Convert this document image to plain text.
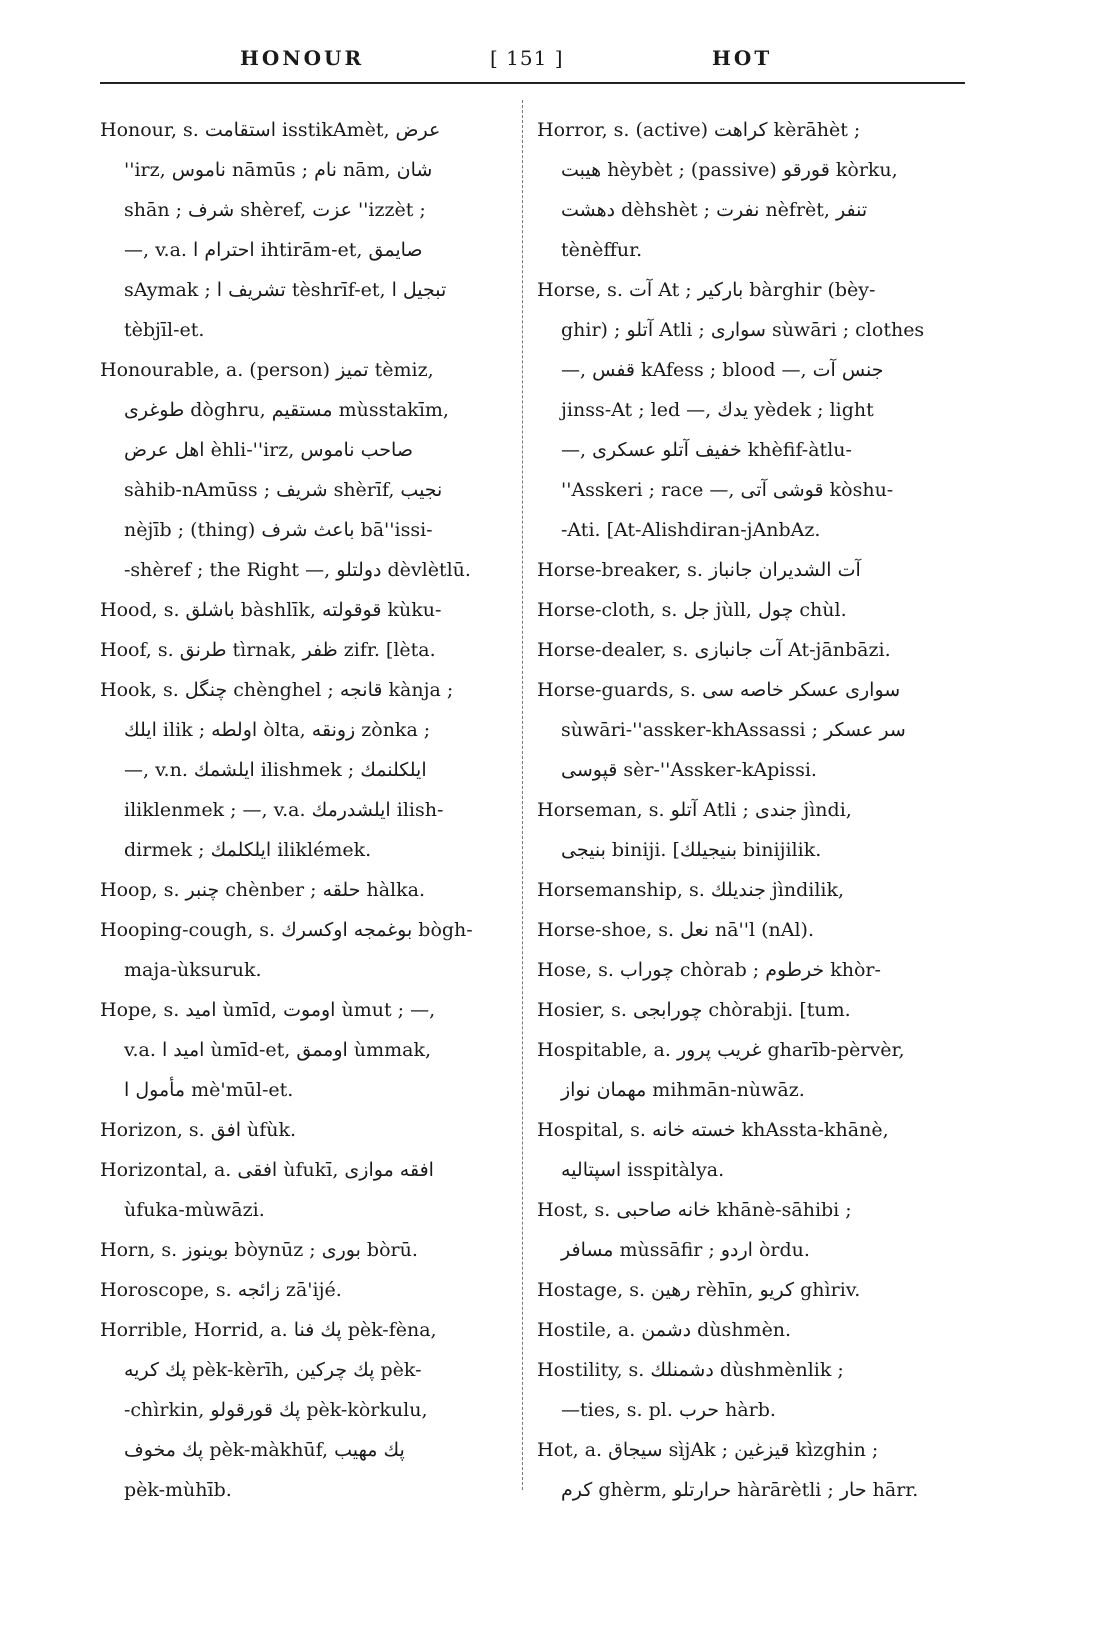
HONOUR	[ 151 ]	HOT
Honour, s. استقامت isstikAmèt, عرض
''irz, ناموس nāmūs ; نام nām, شان
shān ; شرف shèref, عزت ''izzèt ;
—, v.a. احترام ا ihtirām-et, صايمق
sAymak ; تشريف ا tèshrīf-et, تبجيل ا
tèbjīl-et.
Honourable, a. (person) تميز tèmiz,
طوغرى dòghru, مستقيم mùsstakīm,
اهل عرض èhli-''irz, صاحب ناموس
sàhib-nAmūss ; شريف shèrīf, نجيب
nèjīb ; (thing) باعث شرف bā''issi-
-shèref ; the Right —, دولتلو dèvlètlū.
Hood, s. باشلق bàshlīk, قوقولته kùku-
Hoof, s. طرنق tìrnak, ظفر zifr. [lèta.
Hook, s. چنگل chènghel ; قانجه kànja ;
ايلك ilik ; اولطه òlta, زونقه zònka ;
—, v.n. ايلشمك ilishmek ; ايلكلنمك
iliklenmek ; —, v.a. ايلشدرمك ilish-
dirmek ; ايلكلمك iliklémek.
Hoop, s. چنبر chènber ; حلقه hàlka.
Hooping-cough, s. بوغمجه اوكسرك bògh-
maja-ùksuruk.
Hope, s. اميد ùmīd, اوموت ùmut ; —,
v.a. اميد ا ùmīd-et, اوممق ùmmak,
مأمول ا mè'mūl-et.
Horizon, s. افق ùfùk.
Horizontal, a. افقى ùfukī, افقه موازى
ùfuka-mùwāzi.
Horn, s. بوينوز bòynūz ; بورى bòrū.
Horoscope, s. زائجه zā'ijé.
Horrible, Horrid, a. پك فنا pèk-fèna,
پك كريه pèk-kèrīh, پك چركين pèk-
-chìrkin, پك قورقولو pèk-kòrkulu,
پك مخوف pèk-màkhūf, پك مهيب
pèk-mùhīb.
Horror, s. (active) كراهت kèrāhèt ;
هيبت hèybèt ; (passive) قورقو kòrku,
دهشت dèhshèt ; نفرت nèfrèt, تنفر
tènèffur.
Horse, s. آت At ; باركير bàrghir (bèy-
ghir) ; آتلو Atli ; سوارى sùwāri ; clothes
—, قفس kAfess ; blood —, جنس آت
jinss-At ; led —, يدك yèdek ; light
—, خفيف آتلو عسكرى khèfif-àtlu-
''Asskeri ; race —, قوشى آتى kòshu-
-Ati. [At-Alishdiran-jAnbAz.
Horse-breaker, s. آت الشديران جانباز
Horse-cloth, s. جل jùll, چول chùl.
Horse-dealer, s. آت جانبازى At-jānbāzi.
Horse-guards, s. سوارى عسكر خاصه سى
sùwāri-''assker-khAssassi ; سر عسكر
قپوسى sèr-''Assker-kApissi.
Horseman, s. آتلو Atli ; جندى jìndi,
بنيجى biniji. [بنيجيلك binijilik.
Horsemanship, s. جنديلك jìndilik,
Horse-shoe, s. نعل nā''l (nAl).
Hose, s. چوراب chòrab ; خرطوم khòr-
Hosier, s. چورابجى chòrabji. [tum.
Hospitable, a. غريب پرور gharīb-pèrvèr,
مهمان نواز mihmān-nùwāz.
Hospital, s. خسته خانه khAssta-khānè,
اسپتاليه isspitàlya.
Host, s. خانه صاحبى khānè-sāhibi ;
مسافر mùssāfir ; اردو òrdu.
Hostage, s. رهين rèhīn, كريو ghìriv.
Hostile, a. دشمن dùshmèn.
Hostility, s. دشمنلك dùshmènlik ;
—ties, s. pl. حرب hàrb.
Hot, a. سيجاق sìjAk ; قيزغين kìzghin ;
كرم ghèrm, حرارتلو hàrārètli ; حار hārr.
